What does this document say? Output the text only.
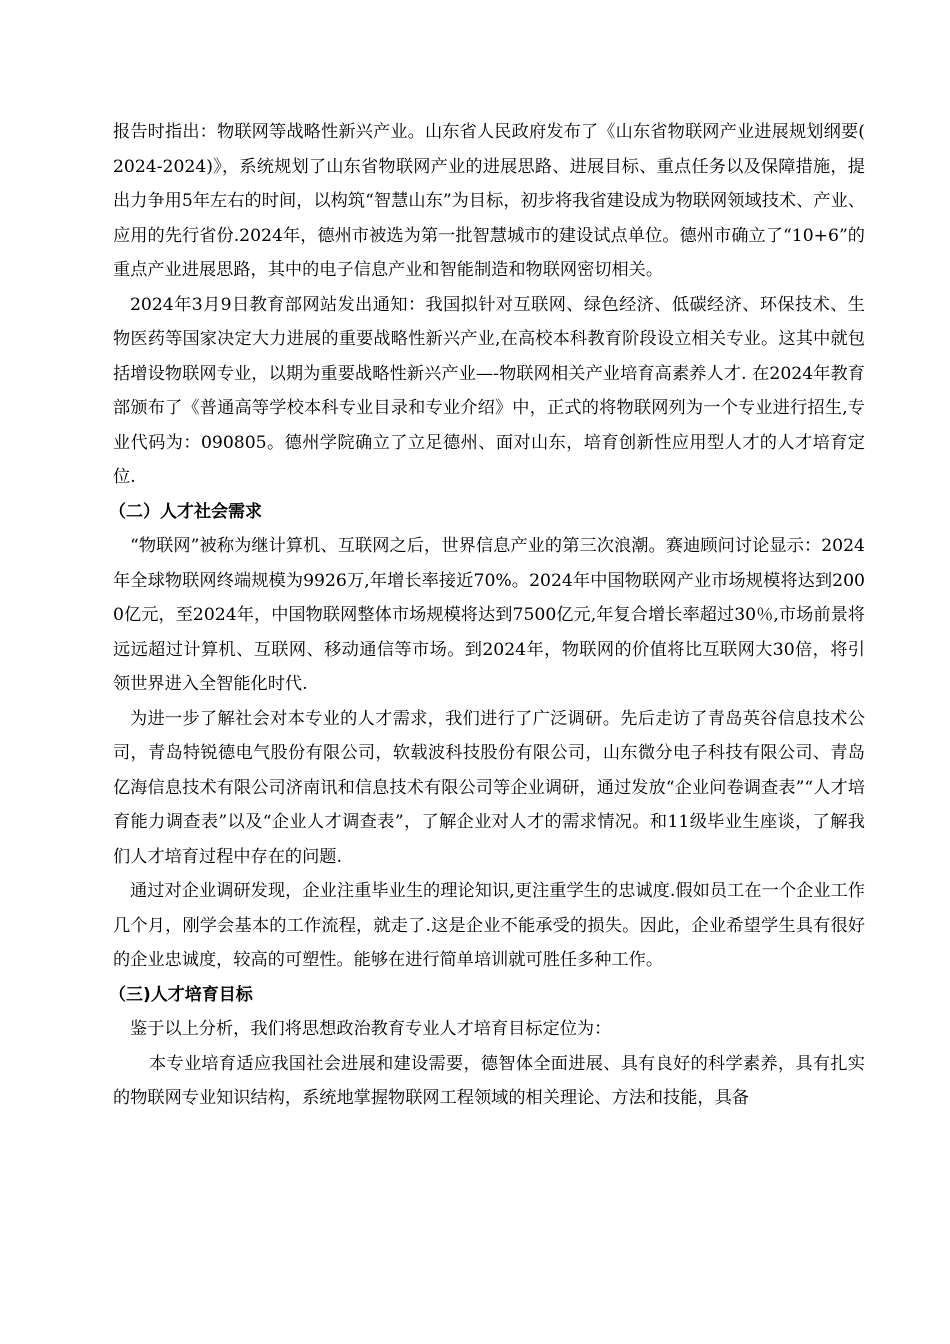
报告时指出：物联网等战略性新兴产业。山东省人民政府发布了《山东省物联网产业进展规划纲要(2024-2024)》，系统规划了山东省物联网产业的进展思路、进展目标、重点任务以及保障措施，提出力争用5年左右的时间，以构筑“智慧山东”为目标，初步将我省建设成为物联网领域技术、产业、应用的先行省份.2024年，德州市被选为第一批智慧城市的建设试点单位。德州市确立了“10+6”的重点产业进展思路，其中的电子信息产业和智能制造和物联网密切相关。

2024年3月9日教育部网站发出通知：我国拟针对互联网、绿色经济、低碳经济、环保技术、生物医药等国家决定大力进展的重要战略性新兴产业,在高校本科教育阶段设立相关专业。这其中就包括增设物联网专业，以期为重要战略性新兴产业—-物联网相关产业培育高素养人才. 在2024年教育部颁布了《普通高等学校本科专业目录和专业介绍》中，正式的将物联网列为一个专业进行招生,专业代码为：090805。德州学院确立了立足德州、面对山东，培育创新性应用型人才的人才培育定位.

（二）人才社会需求

“物联网”被称为继计算机、互联网之后，世界信息产业的第三次浪潮。赛迪顾问讨论显示：2024年全球物联网终端规模为9926万,年增长率接近70%。2024年中国物联网产业市场规模将达到2000亿元，至2024年，中国物联网整体市场规模将达到7500亿元,年复合增长率超过30％,市场前景将远远超过计算机、互联网、移动通信等市场。到2024年，物联网的价值将比互联网大30倍，将引领世界进入全智能化时代.

为进一步了解社会对本专业的人才需求，我们进行了广泛调研。先后走访了青岛英谷信息技术公司，青岛特锐德电气股份有限公司，软载波科技股份有限公司，山东微分电子科技有限公司、青岛亿海信息技术有限公司济南讯和信息技术有限公司等企业调研，通过发放“企业问卷调查表”“人才培育能力调查表”以及“企业人才调查表”，了解企业对人才的需求情况。和11级毕业生座谈，了解我们人才培育过程中存在的问题.

通过对企业调研发现，企业注重毕业生的理论知识,更注重学生的忠诚度.假如员工在一个企业工作几个月，刚学会基本的工作流程，就走了.这是企业不能承受的损失。因此，企业希望学生具有很好的企业忠诚度，较高的可塑性。能够在进行简单培训就可胜任多种工作。

（三)人才培育目标

鉴于以上分析，我们将思想政治教育专业人才培育目标定位为：

本专业培育适应我国社会进展和建设需要，德智体全面进展、具有良好的科学素养，具有扎实的物联网专业知识结构，系统地掌握物联网工程领域的相关理论、方法和技能，具备
